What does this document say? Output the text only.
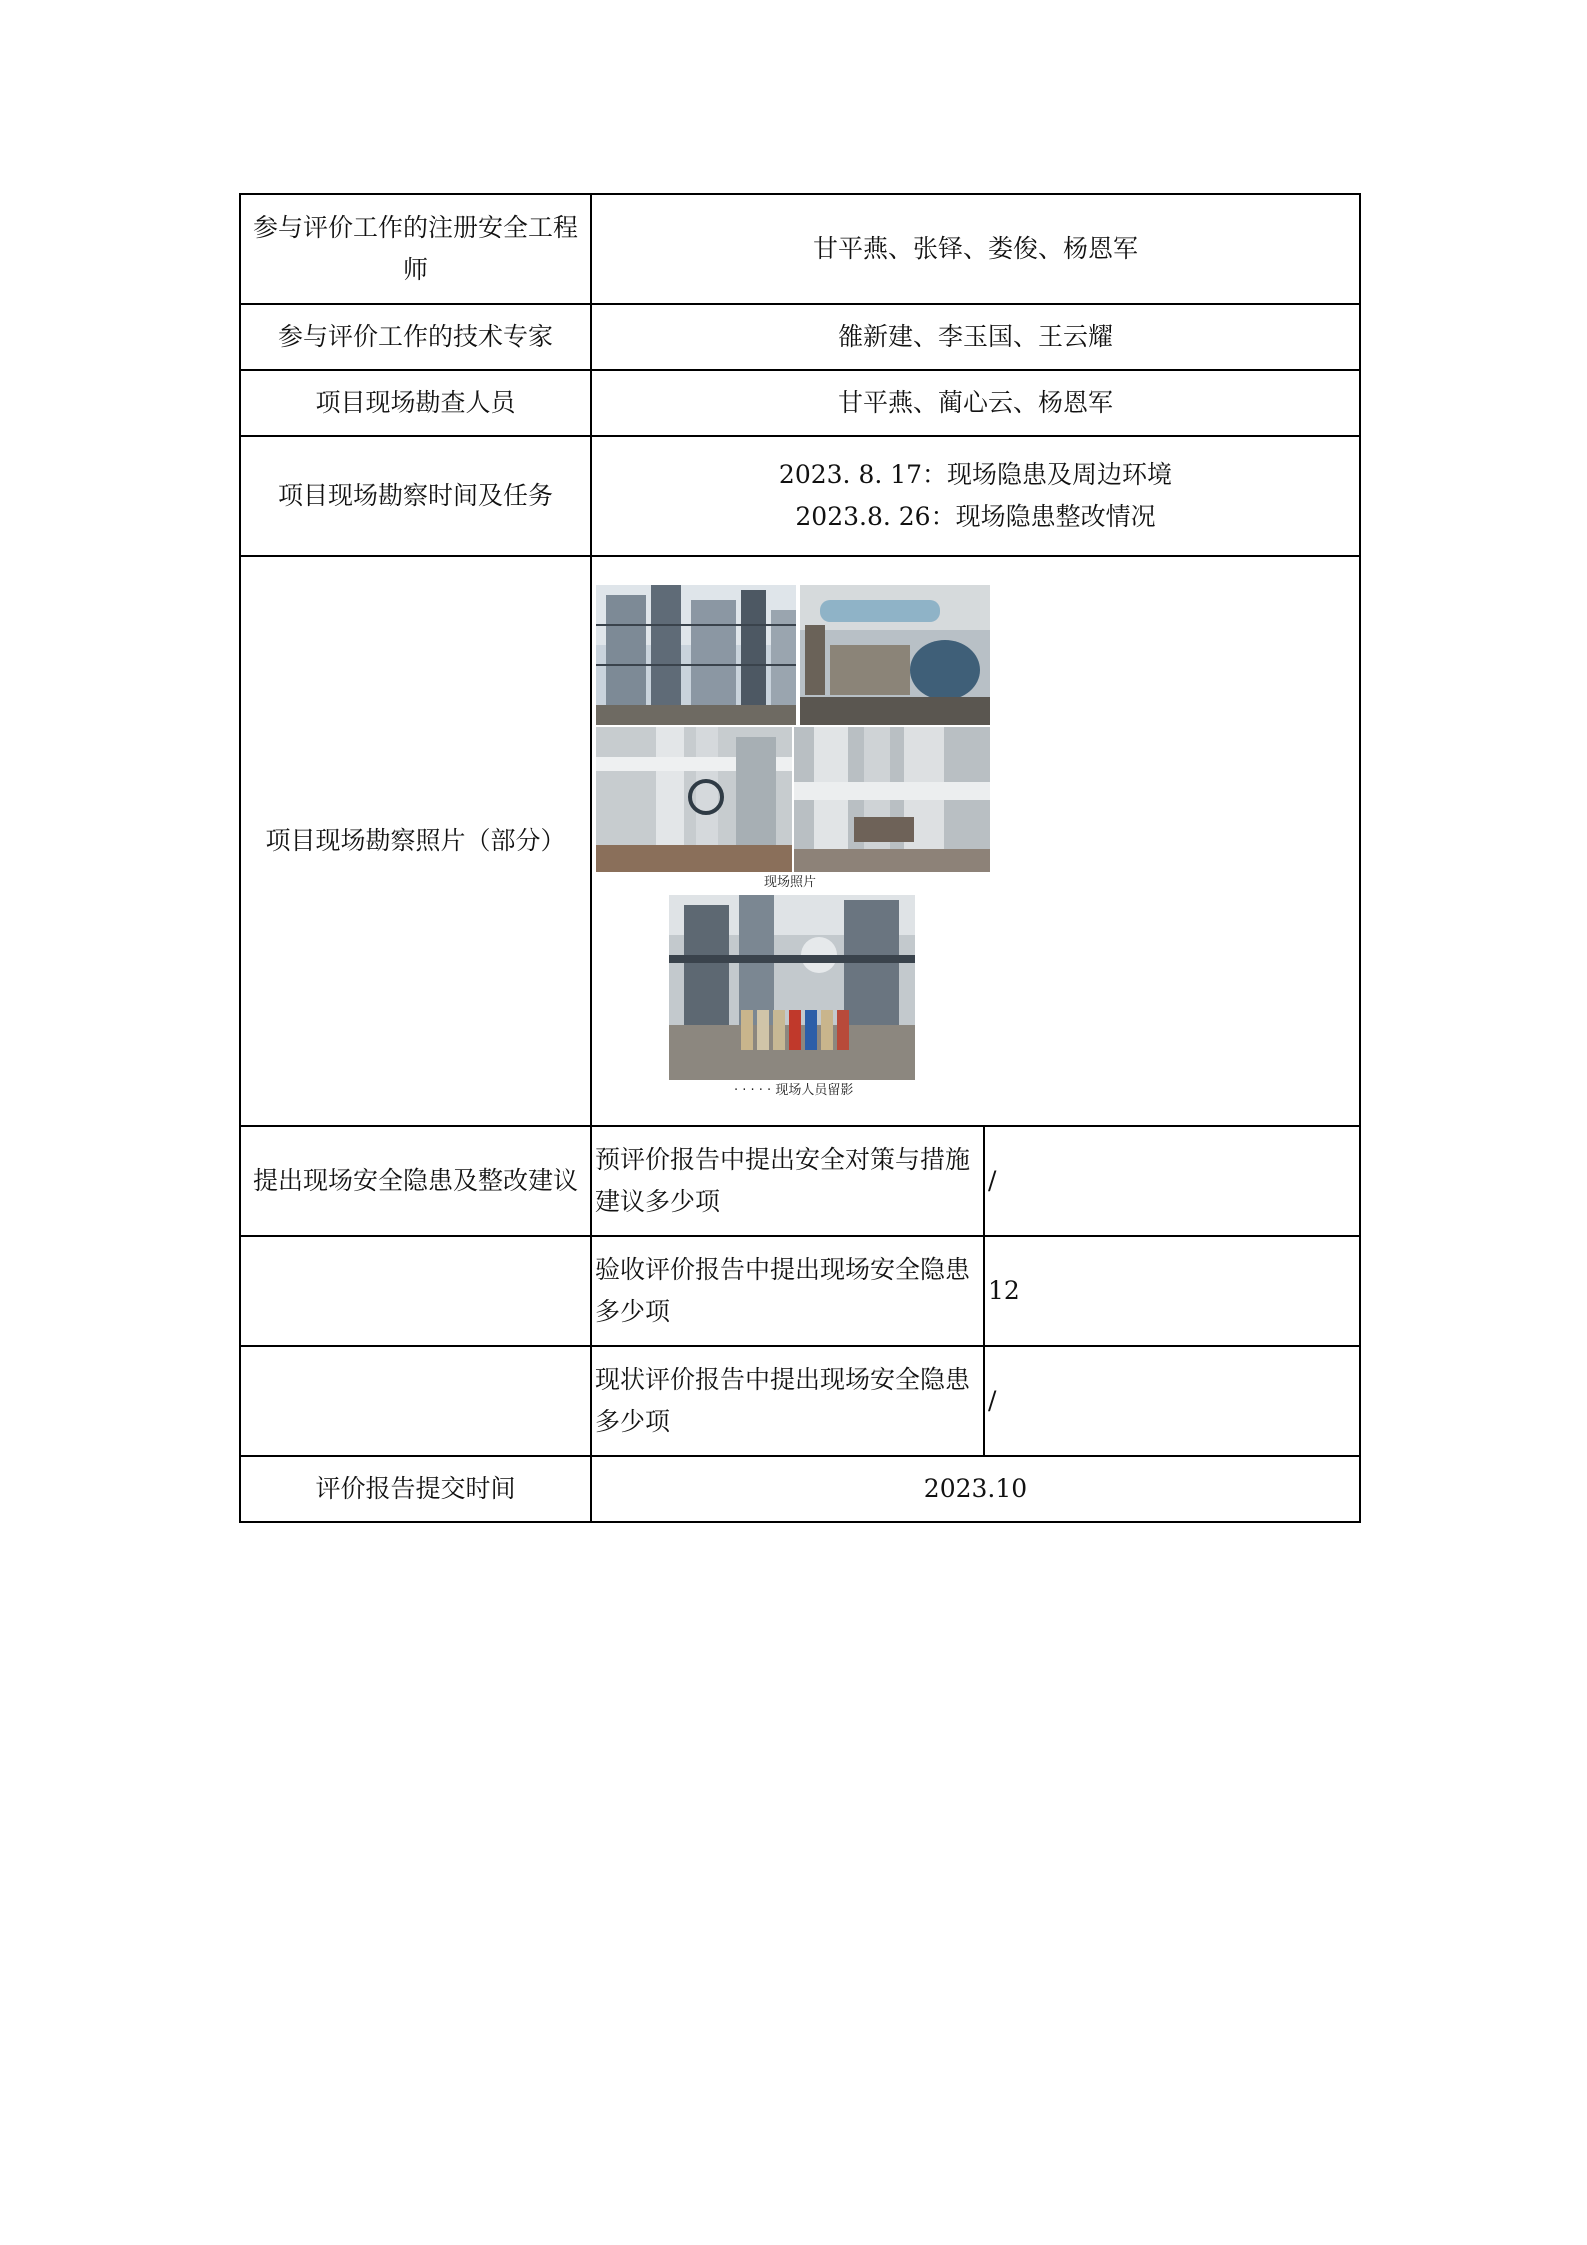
参与评价工作的注册安全工程师	甘平燕、张铎、娄俊、杨恩军	
参与评价工作的技术专家	雒新建、李玉国、王云耀	
项目现场勘查人员	甘平燕、蔺心云、杨恩军	
项目现场勘察时间及任务	2023. 8. 17：现场隐患及周边环境
2023.8. 26：现场隐患整改情况	

项目现场勘察照片（部分）	现场照片
· · · · · 现场人员留影	

提出现场安全隐患及整改建议	预评价报告中提出安全对策与措施建议多少项	/
	验收评价报告中提出现场安全隐患多少项	12
	现状评价报告中提出现场安全隐患多少项	/
评价报告提交时间	2023.10	
